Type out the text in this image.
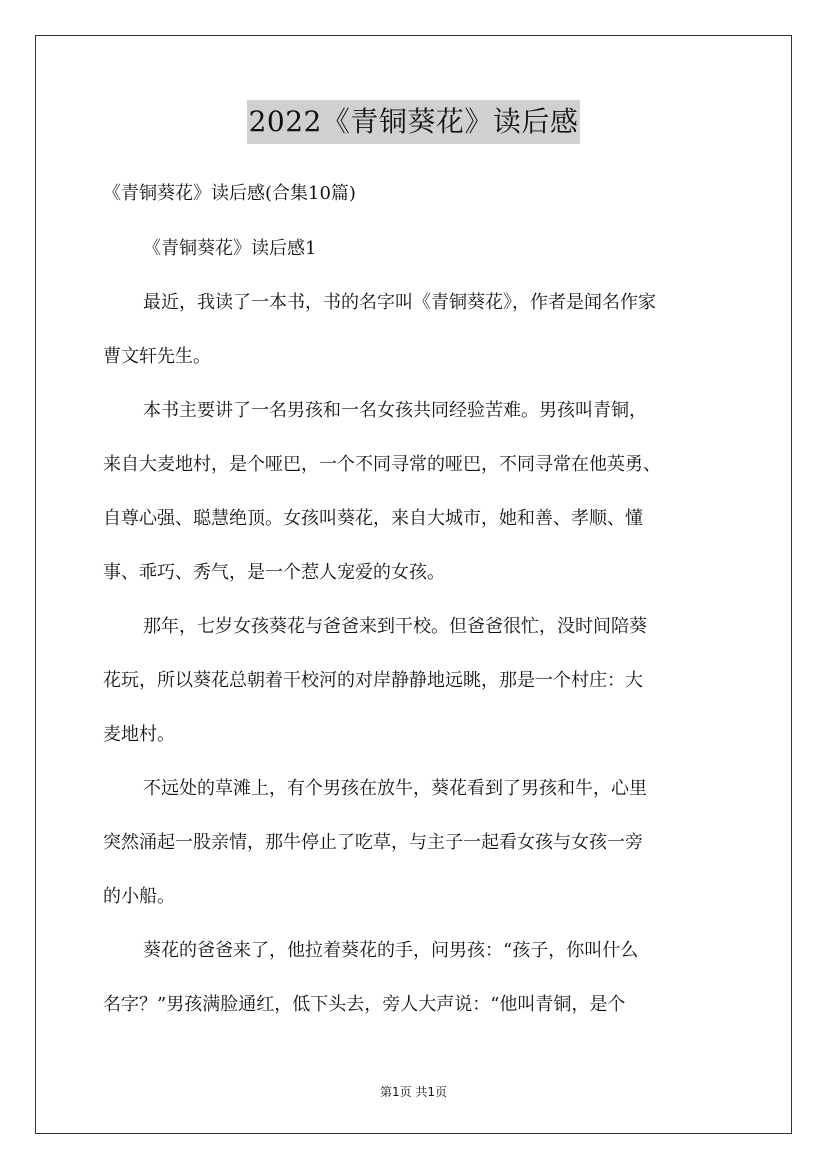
2022《青铜葵花》读后感
《青铜葵花》读后感(合集10篇)
《青铜葵花》读后感1
最近，我读了一本书，书的名字叫《青铜葵花》，作者是闻名作家
曹文轩先生。
本书主要讲了一名男孩和一名女孩共同经验苦难。男孩叫青铜，
来自大麦地村，是个哑巴，一个不同寻常的哑巴，不同寻常在他英勇、
自尊心强、聪慧绝顶。女孩叫葵花，来自大城市，她和善、孝顺、懂
事、乖巧、秀气，是一个惹人宠爱的女孩。
那年，七岁女孩葵花与爸爸来到干校。但爸爸很忙，没时间陪葵
花玩，所以葵花总朝着干校河的对岸静静地远眺，那是一个村庄：大
麦地村。
不远处的草滩上，有个男孩在放牛，葵花看到了男孩和牛，心里
突然涌起一股亲情，那牛停止了吃草，与主子一起看女孩与女孩一旁
的小船。
葵花的爸爸来了，他拉着葵花的手，问男孩：“孩子，你叫什么
名字？”男孩满脸通红，低下头去，旁人大声说：“他叫青铜，是个
第1页 共1页
